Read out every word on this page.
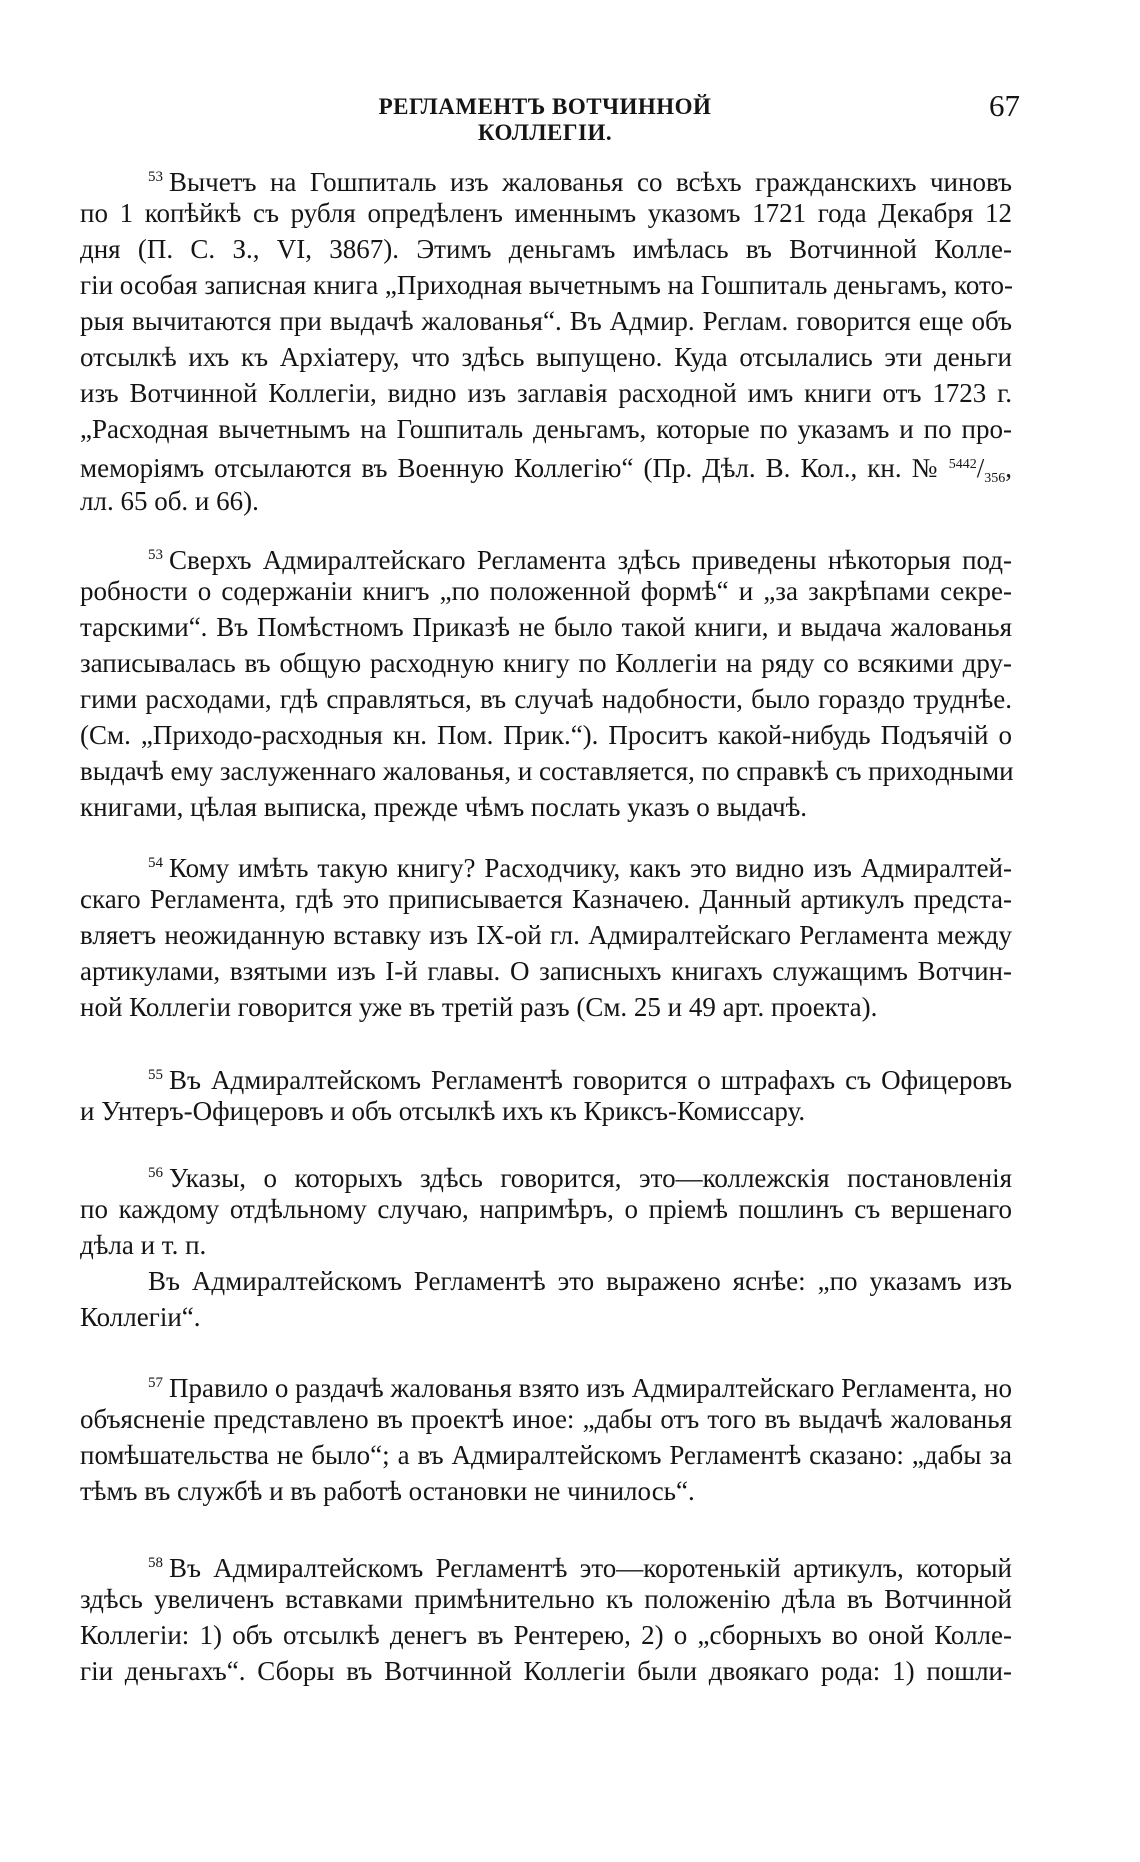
РЕГЛАМЕНТЪ ВОТЧИННОЙ КОЛЛЕГІИ.
67
$^{53}$ Вычетъ на Гошпиталь изъ жалованья со всѣхъ гражданскихъ чиновъ
по 1 копѣйкѣ съ рубля опредѣленъ именнымъ указомъ 1721 года Декабря 12
дня (П. С. З., VI, 3867). Этимъ деньгамъ имѣлась въ Вотчинной Колле-
гіи особая записная книга „Приходная вычетнымъ на Гошпиталь деньгамъ, кото-
рыя вычитаются при выдачѣ жалованья“. Въ Адмир. Реглам. говорится еще объ
отсылкѣ ихъ къ Архіатеру, что здѣсь выпущено. Куда отсылались эти деньги
изъ Вотчинной Коллегіи, видно изъ заглавія расходной имъ книги отъ 1723 г.
„Расходная вычетнымъ на Гошпиталь деньгамъ, которые по указамъ и по про-
меморіямъ отсылаются въ Военную Коллегію“ (Пр. Дѣл. В. Кол., кн. № $^{5442}$/356,
лл. 65 об. и 66).
$^{53}$ Сверхъ Адмиралтейскаго Регламента здѣсь приведены нѣкоторыя под-
робности о содержаніи книгъ „по положенной формѣ“ и „за закрѣпами секре-
тарскими“. Въ Помѣстномъ Приказѣ не было такой книги, и выдача жалованья
записывалась въ общую расходную книгу по Коллегіи на ряду со всякими дру-
гими расходами, гдѣ справляться, въ случаѣ надобности, было гораздо труднѣе.
(См. „Приходо-расходныя кн. Пом. Прик.“). Проситъ какой-нибудь Подъячій о
выдачѣ ему заслуженнаго жалованья, и составляется, по справкѣ съ приходными
книгами, цѣлая выписка, прежде чѣмъ послать указъ о выдачѣ.
$^{54}$ Кому имѣть такую книгу? Расходчику, какъ это видно изъ Адмиралтей-
скаго Регламента, гдѣ это приписывается Казначею. Данный артикулъ предста-
вляетъ неожиданную вставку изъ IX-ой гл. Адмиралтейскаго Регламента между
артикулами, взятыми изъ I-й главы. О записныхъ книгахъ служащимъ Вотчин-
ной Коллегіи говорится уже въ третій разъ (См. 25 и 49 арт. проекта).
$^{55}$ Въ Адмиралтейскомъ Регламентѣ говорится о штрафахъ съ Офицеровъ
и Унтеръ-Офицеровъ и объ отсылкѣ ихъ къ Криксъ-Комиссару.
$^{56}$ Указы, о которыхъ здѣсь говорится, это—коллежскія постановленія
по каждому отдѣльному случаю, напримѣръ, о пріемѣ пошлинъ съ вершенаго
дѣла и т. п.
Въ Адмиралтейскомъ Регламентѣ это выражено яснѣе: „по указамъ изъ
Коллегіи“.
$^{57}$ Правило о раздачѣ жалованья взято изъ Адмиралтейскаго Регламента, но
объясненіе представлено въ проектѣ иное: „дабы отъ того въ выдачѣ жалованья
помѣшательства не было“; а въ Адмиралтейскомъ Регламентѣ сказано: „дабы за
тѣмъ въ службѣ и въ работѣ остановки не чинилось“.
$^{58}$ Въ Адмиралтейскомъ Регламентѣ это—коротенькій артикулъ, который
здѣсь увеличенъ вставками примѣнительно къ положенію дѣла въ Вотчинной
Коллегіи: 1) объ отсылкѣ денегъ въ Рентерею, 2) о „сборныхъ во оной Колле-
гіи деньгахъ“. Сборы въ Вотчинной Коллегіи были двоякаго рода: 1) пошли-
